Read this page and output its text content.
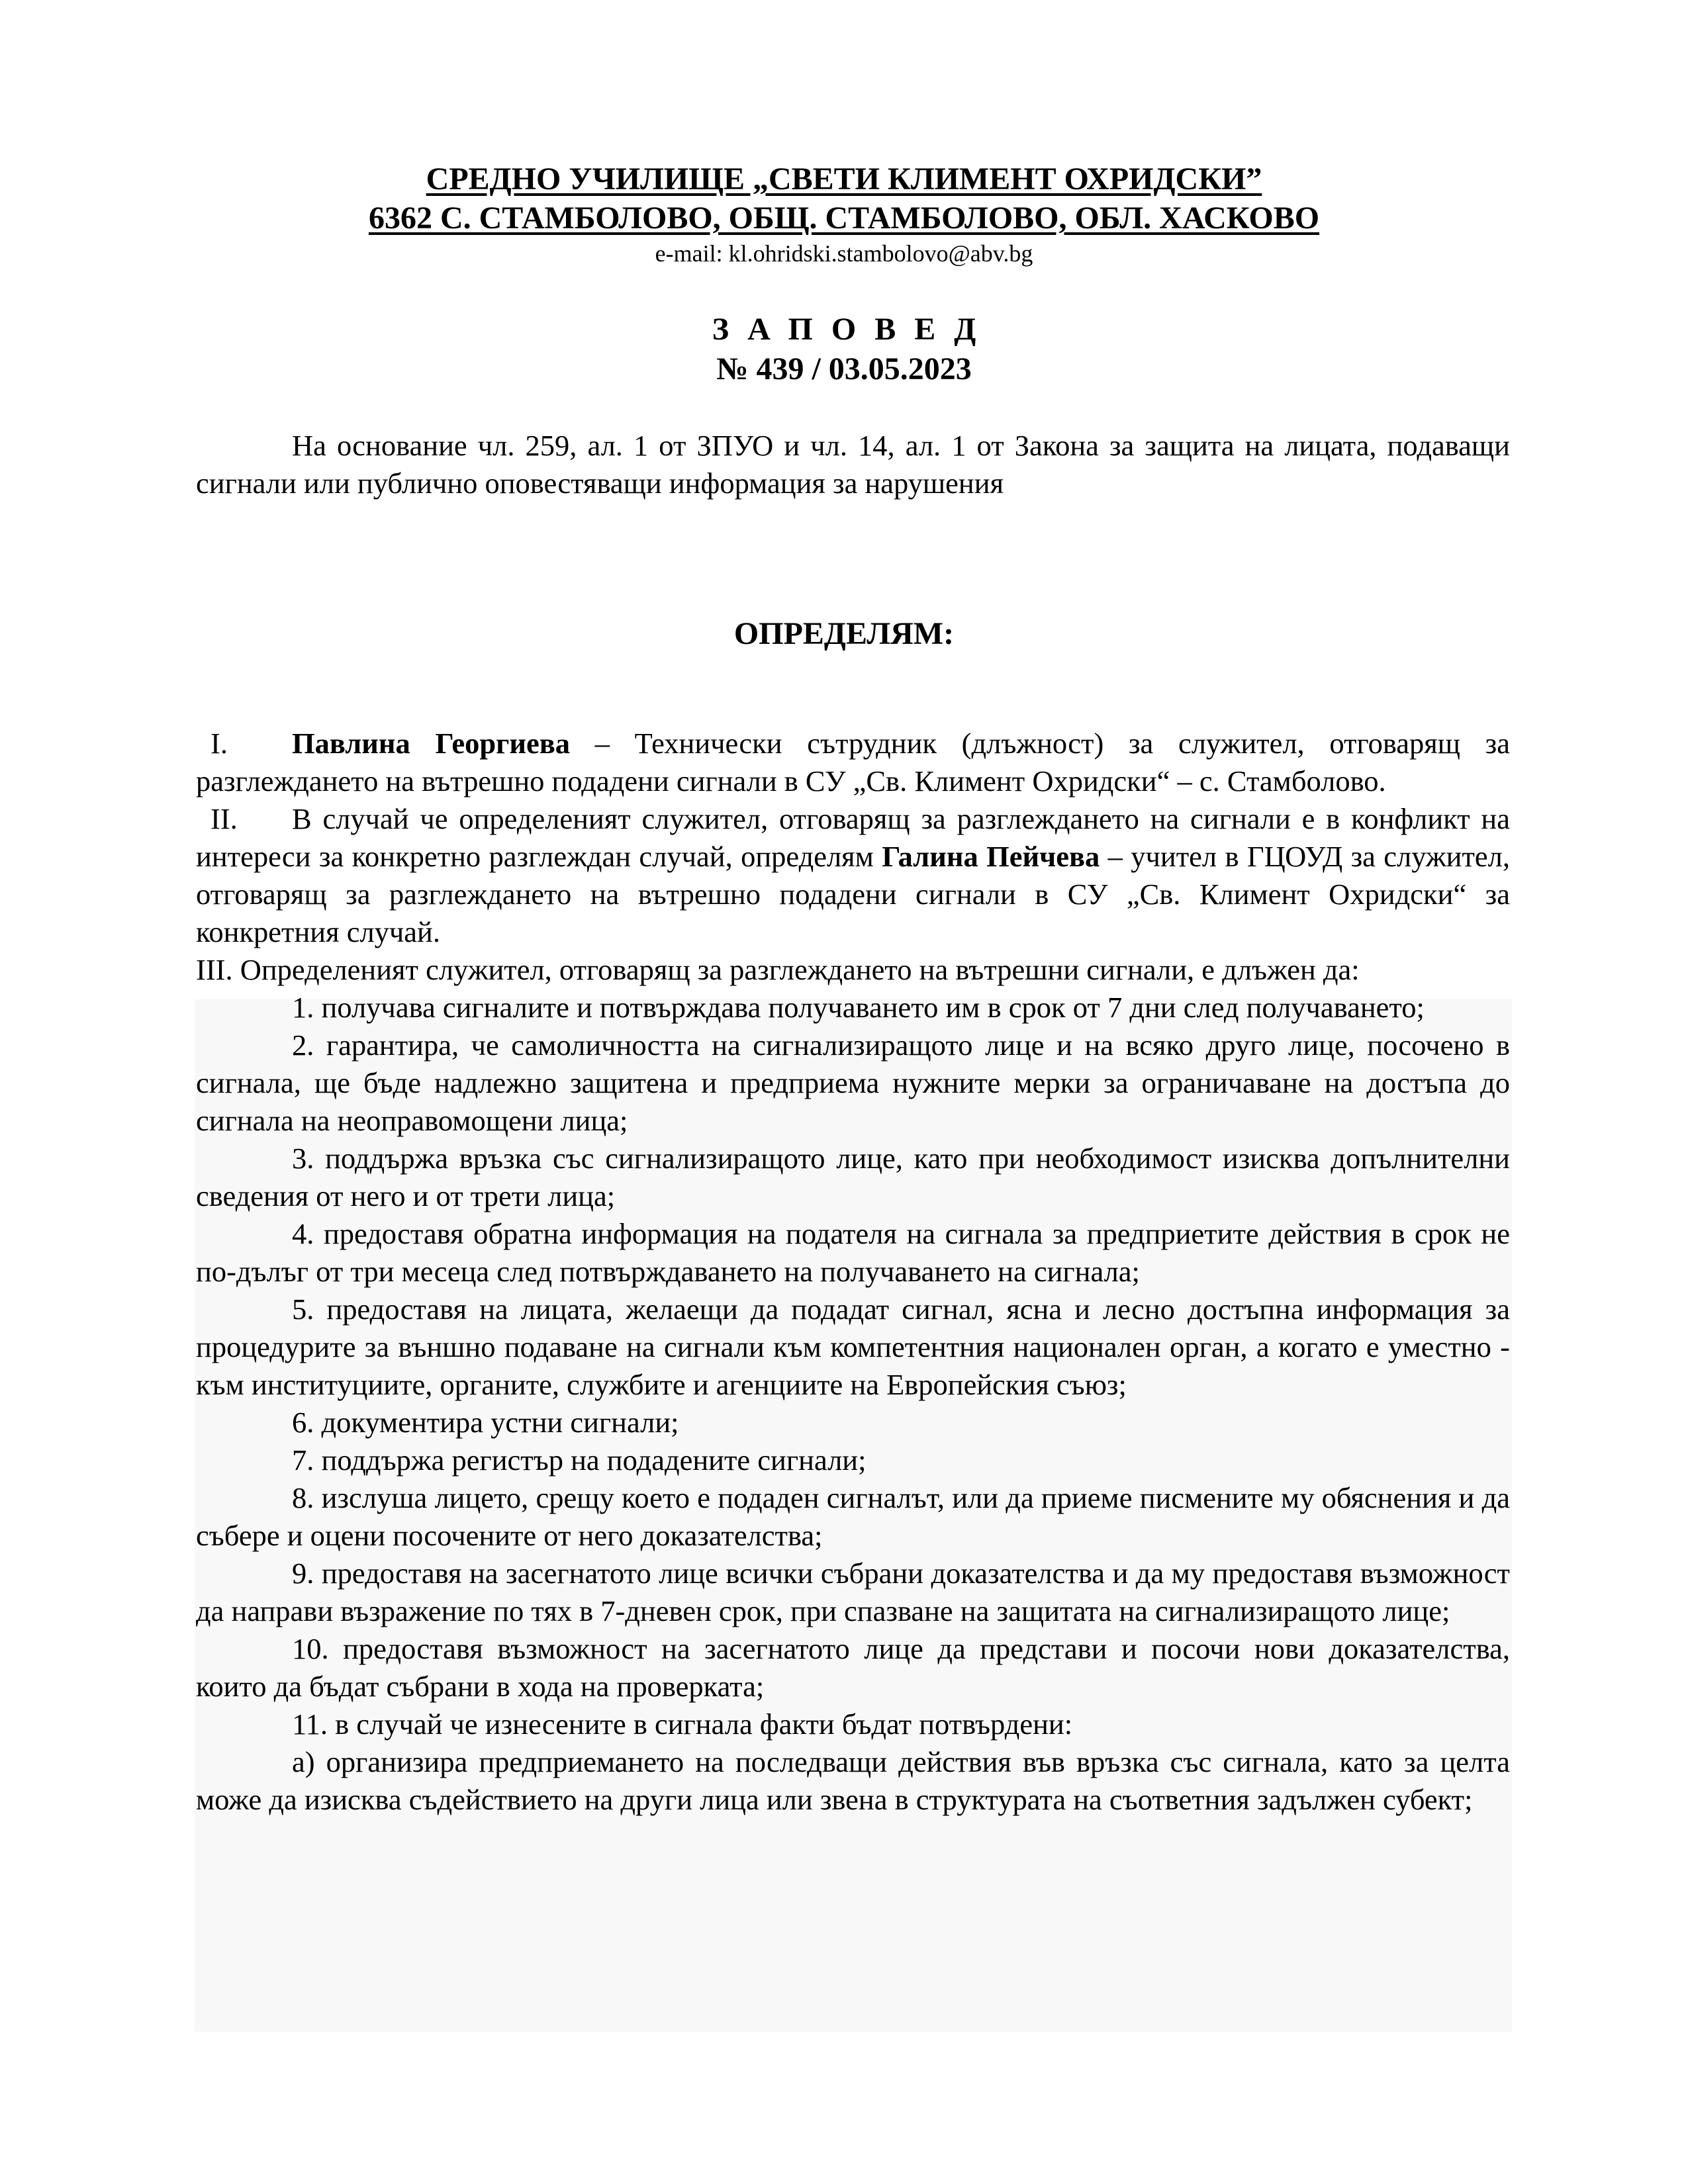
СРЕДНО УЧИЛИЩЕ „СВЕТИ КЛИМЕНТ ОХРИДСКИ”
6362 С. СТАМБОЛОВО, ОБЩ. СТАМБОЛОВО, ОБЛ. ХАСКОВО
e-mail: kl.ohridski.stambolovo@abv.bg
ЗАПОВЕД
№ 439 / 03.05.2023

На основание чл. 259, ал. 1 от ЗПУО и чл. 14, ал. 1 от Закона за защита на лицата, подаващи сигнали или публично оповестяващи информация за нарушения

ОПРЕДЕЛЯМ:

I. Павлина Георгиева – Технически сътрудник (длъжност) за служител, отговарящ за разглеждането на вътрешно подадени сигнали в СУ „Св. Климент Охридски“ – с. Стамболово.

II. В случай че определеният служител, отговарящ за разглеждането на сигнали е в конфликт на интереси за конкретно разглеждан случай, определям Галина Пейчева – учител в ГЦОУД за служител, отговарящ за разглеждането на вътрешно подадени сигнали в СУ „Св. Климент Охридски“ за конкретния случай.

III. Определеният служител, отговарящ за разглеждането на вътрешни сигнали, е длъжен да:

1. получава сигналите и потвърждава получаването им в срок от 7 дни след получаването;

2. гарантира, че самоличността на сигнализиращото лице и на всяко друго лице, посочено в сигнала, ще бъде надлежно защитена и предприема нужните мерки за ограничаване на достъпа до сигнала на неоправомощени лица;

3. поддържа връзка със сигнализиращото лице, като при необходимост изисква допълнителни сведения от него и от трети лица;

4. предоставя обратна информация на подателя на сигнала за предприетите действия в срок не по-дълъг от три месеца след потвърждаването на получаването на сигнала;

5. предоставя на лицата, желаещи да подадат сигнал, ясна и лесно достъпна информация за процедурите за външно подаване на сигнали към компетентния национален орган, а когато е уместно - към институциите, органите, службите и агенциите на Европейския съюз;

6. документира устни сигнали;

7. поддържа регистър на подадените сигнали;

8. изслуша лицето, срещу което е подаден сигналът, или да приеме писмените му обяснения и да събере и оцени посочените от него доказателства;

9. предоставя на засегнатото лице всички събрани доказателства и да му предоставя възможност да направи възражение по тях в 7-дневен срок, при спазване на защитата на сигнализиращото лице;

10. предоставя възможност на засегнатото лице да представи и посочи нови доказателства, които да бъдат събрани в хода на проверката;

11. в случай че изнесените в сигнала факти бъдат потвърдени:

а) организира предприемането на последващи действия във връзка със сигнала, като за целта може да изисква съдействието на други лица или звена в структурата на съответния задължен субект;
